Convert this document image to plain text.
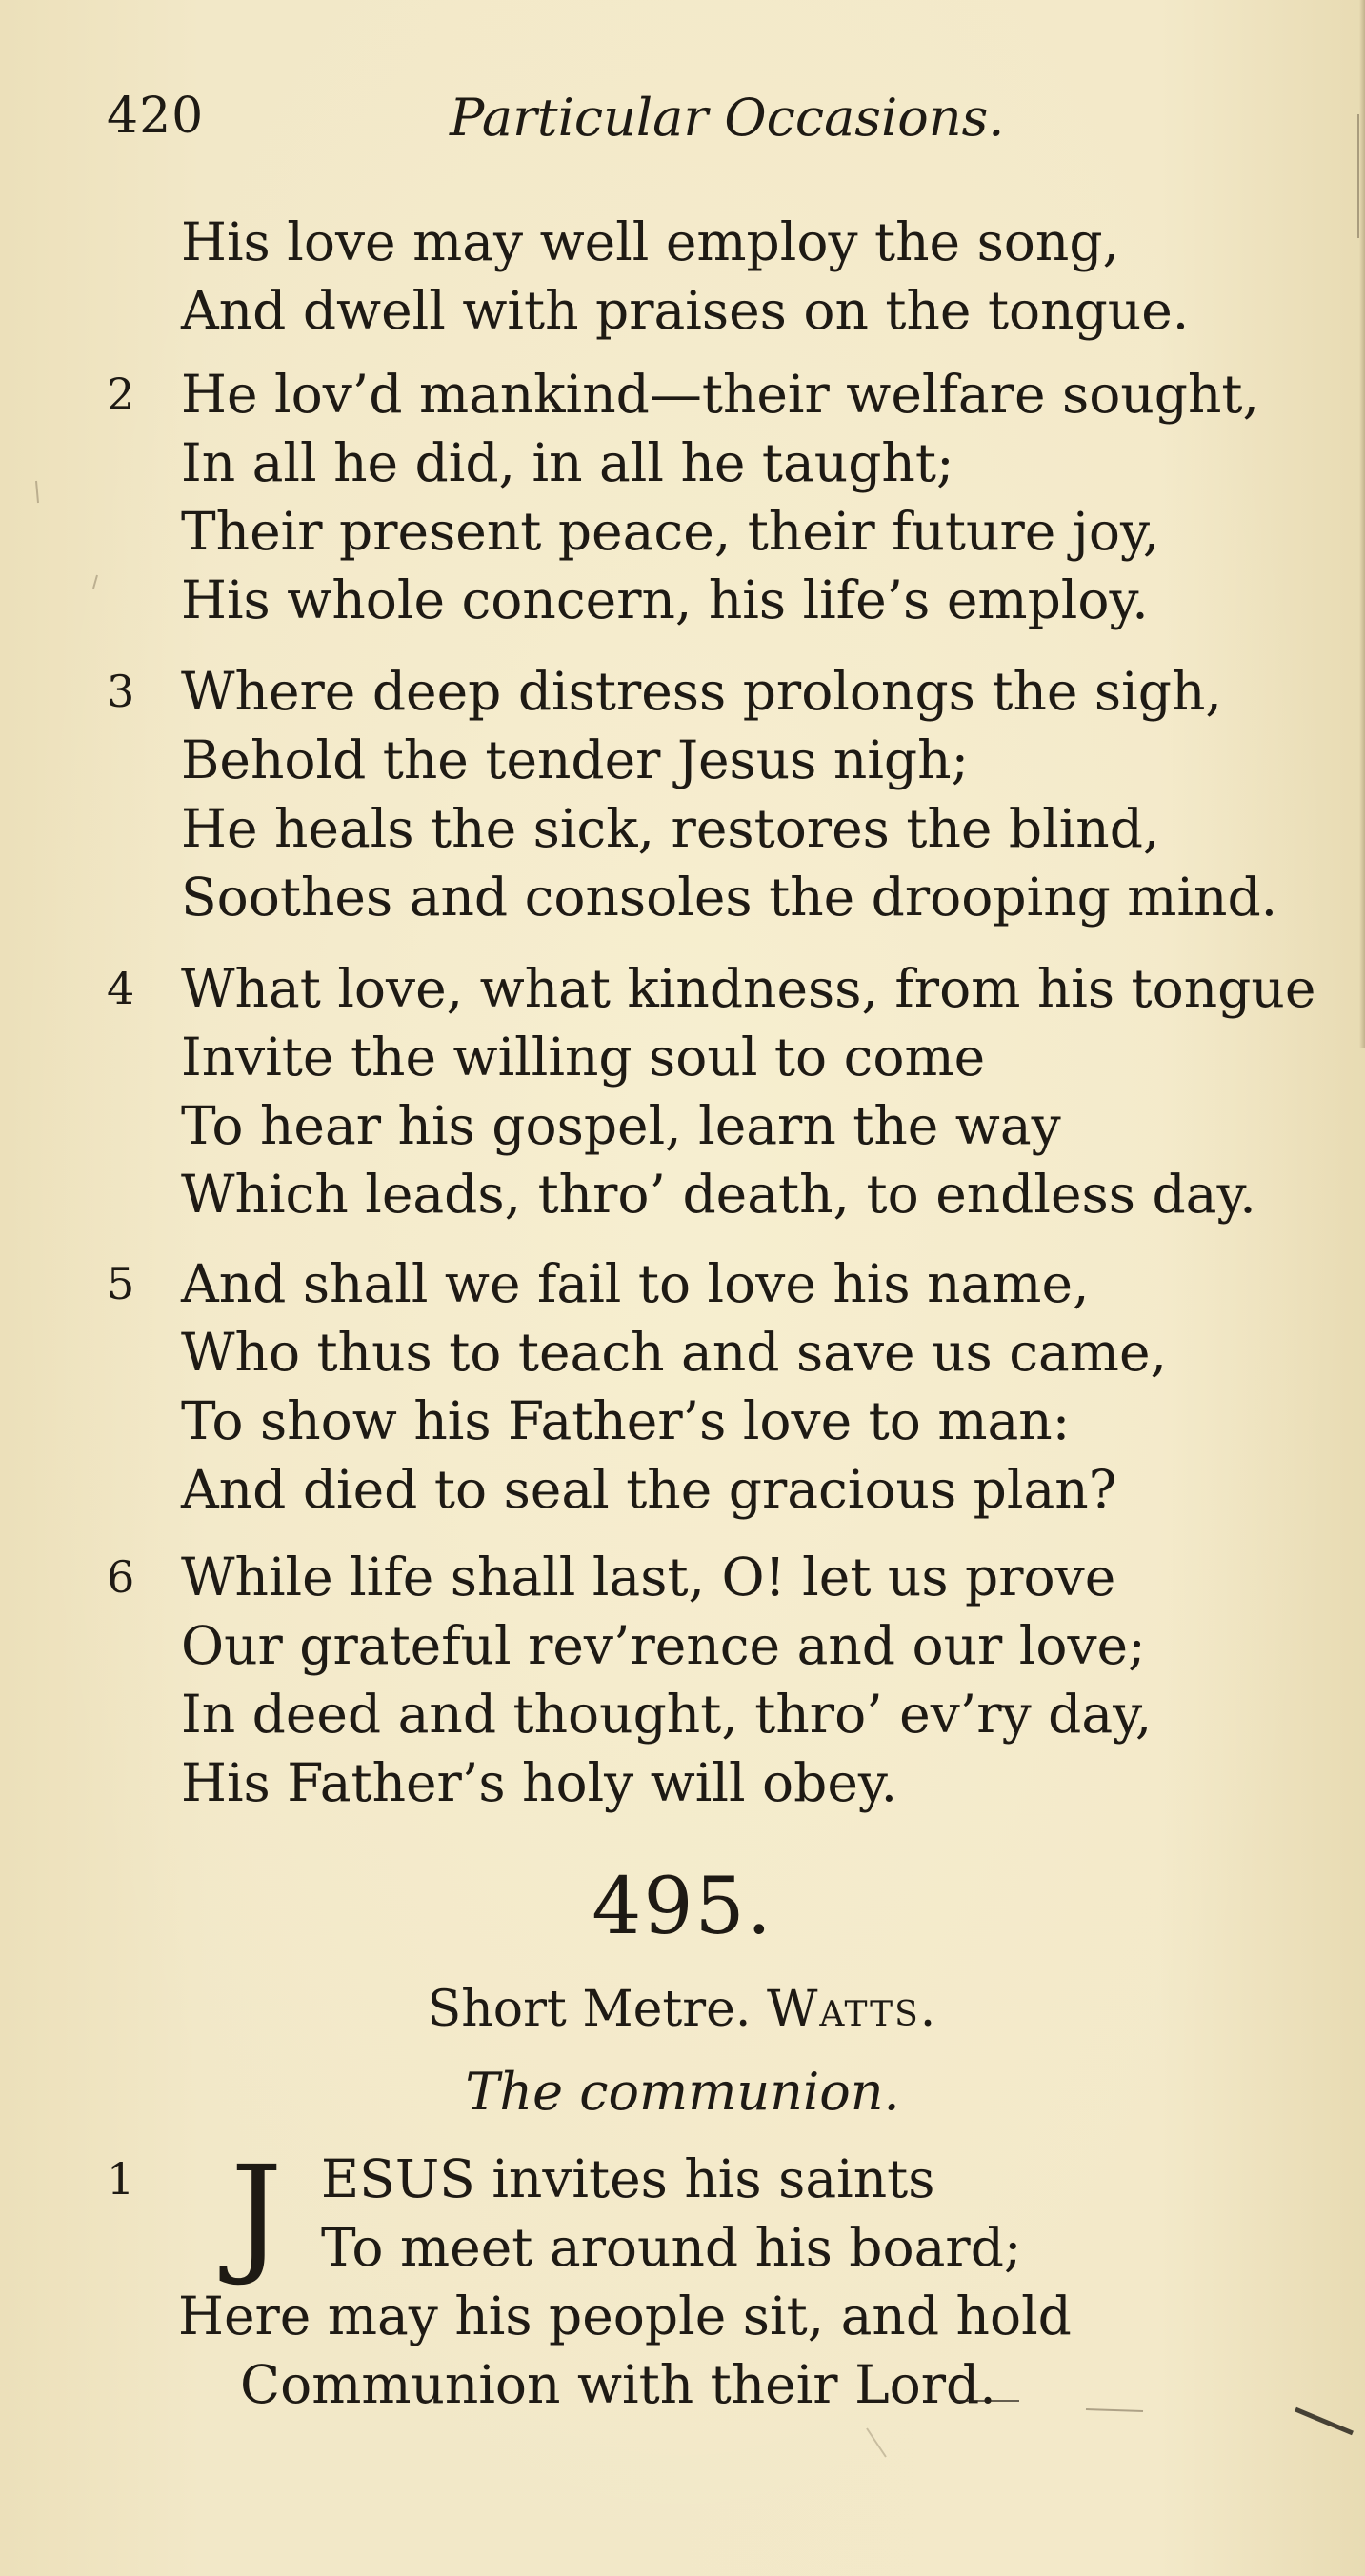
420	Particular Occasions.
His love may well employ the song,
And dwell with praises on the tongue.
2 He lov’d mankind—their welfare sought,
In all he did, in all he taught;
Their present peace, their future joy,
His whole concern, his life’s employ.
3 Where deep distress prolongs the sigh,
Behold the tender Jesus nigh;
He heals the sick, restores the blind,
Soothes and consoles the drooping mind.
4 What love, what kindness, from his tongue
Invite the willing soul to come
To hear his gospel, learn the way
Which leads, thro’ death, to endless day.
5 And shall we fail to love his name,
Who thus to teach and save us came,
To show his Father’s love to man:
And died to seal the gracious plan?
6 While life shall last, O! let us prove
Our grateful rev’rence and our love;
In deed and thought, thro’ ev’ry day,
His Father’s holy will obey.
495.
Short Metre. Watts.
The communion.
1 J ESUS invites his saints
To meet around his board;
Here may his people sit, and hold
Communion with their Lord.
